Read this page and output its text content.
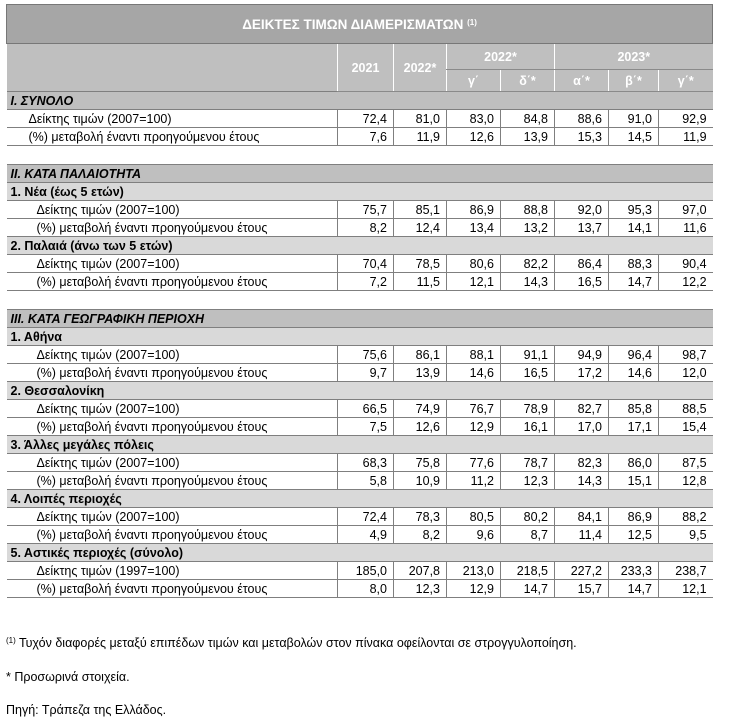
ΔΕΙΚΤΕΣ ΤΙΜΩΝ ΔΙΑΜΕΡΙΣΜΑΤΩΝ $^{(1)}$
	2021	2022*	2022*		2023*		
			γ΄	δ΄*	α΄*	β΄*	γ΄*
I. ΣΥΝΟΛΟ							
Δείκτης τιμών (2007=100)	72,4	81,0	83,0	84,8	88,6	91,0	92,9
(%) μεταβολή έναντι προηγούμενου έτους	7,6	11,9	12,6	13,9	15,3	14,5	11,9

II. ΚΑΤΑ ΠΑΛΑΙΟΤΗΤΑ							
1. Νέα (έως 5 ετών)							
Δείκτης τιμών (2007=100)	75,7	85,1	86,9	88,8	92,0	95,3	97,0
(%) μεταβολή έναντι προηγούμενου έτους	8,2	12,4	13,4	13,2	13,7	14,1	11,6
2. Παλαιά (άνω των 5 ετών)							
Δείκτης τιμών (2007=100)	70,4	78,5	80,6	82,2	86,4	88,3	90,4
(%) μεταβολή έναντι προηγούμενου έτους	7,2	11,5	12,1	14,3	16,5	14,7	12,2

III. ΚΑΤΑ ΓΕΩΓΡΑΦΙΚΗ ΠΕΡΙΟΧΗ							
1. Αθήνα							
Δείκτης τιμών (2007=100)	75,6	86,1	88,1	91,1	94,9	96,4	98,7
(%) μεταβολή έναντι προηγούμενου έτους	9,7	13,9	14,6	16,5	17,2	14,6	12,0
2. Θεσσαλονίκη							
Δείκτης τιμών (2007=100)	66,5	74,9	76,7	78,9	82,7	85,8	88,5
(%) μεταβολή έναντι προηγούμενου έτους	7,5	12,6	12,9	16,1	17,0	17,1	15,4
3. Άλλες μεγάλες πόλεις							
Δείκτης τιμών (2007=100)	68,3	75,8	77,6	78,7	82,3	86,0	87,5
(%) μεταβολή έναντι προηγούμενου έτους	5,8	10,9	11,2	12,3	14,3	15,1	12,8
4. Λοιπές περιοχές							
Δείκτης τιμών (2007=100)	72,4	78,3	80,5	80,2	84,1	86,9	88,2
(%) μεταβολή έναντι προηγούμενου έτους	4,9	8,2	9,6	8,7	11,4	12,5	9,5
5. Αστικές περιοχές (σύνολο)							
Δείκτης τιμών (1997=100)	185,0	207,8	213,0	218,5	227,2	233,3	238,7
(%) μεταβολή έναντι προηγούμενου έτους	8,0	12,3	12,9	14,7	15,7	14,7	12,1
$^{(1)}$ Τυχόν διαφορές μεταξύ επιπέδων τιμών και μεταβολών στον πίνακα οφείλονται σε στρογγυλοποίηση.
* Προσωρινά στοιχεία.
Πηγή: Τράπεζα της Ελλάδος.
